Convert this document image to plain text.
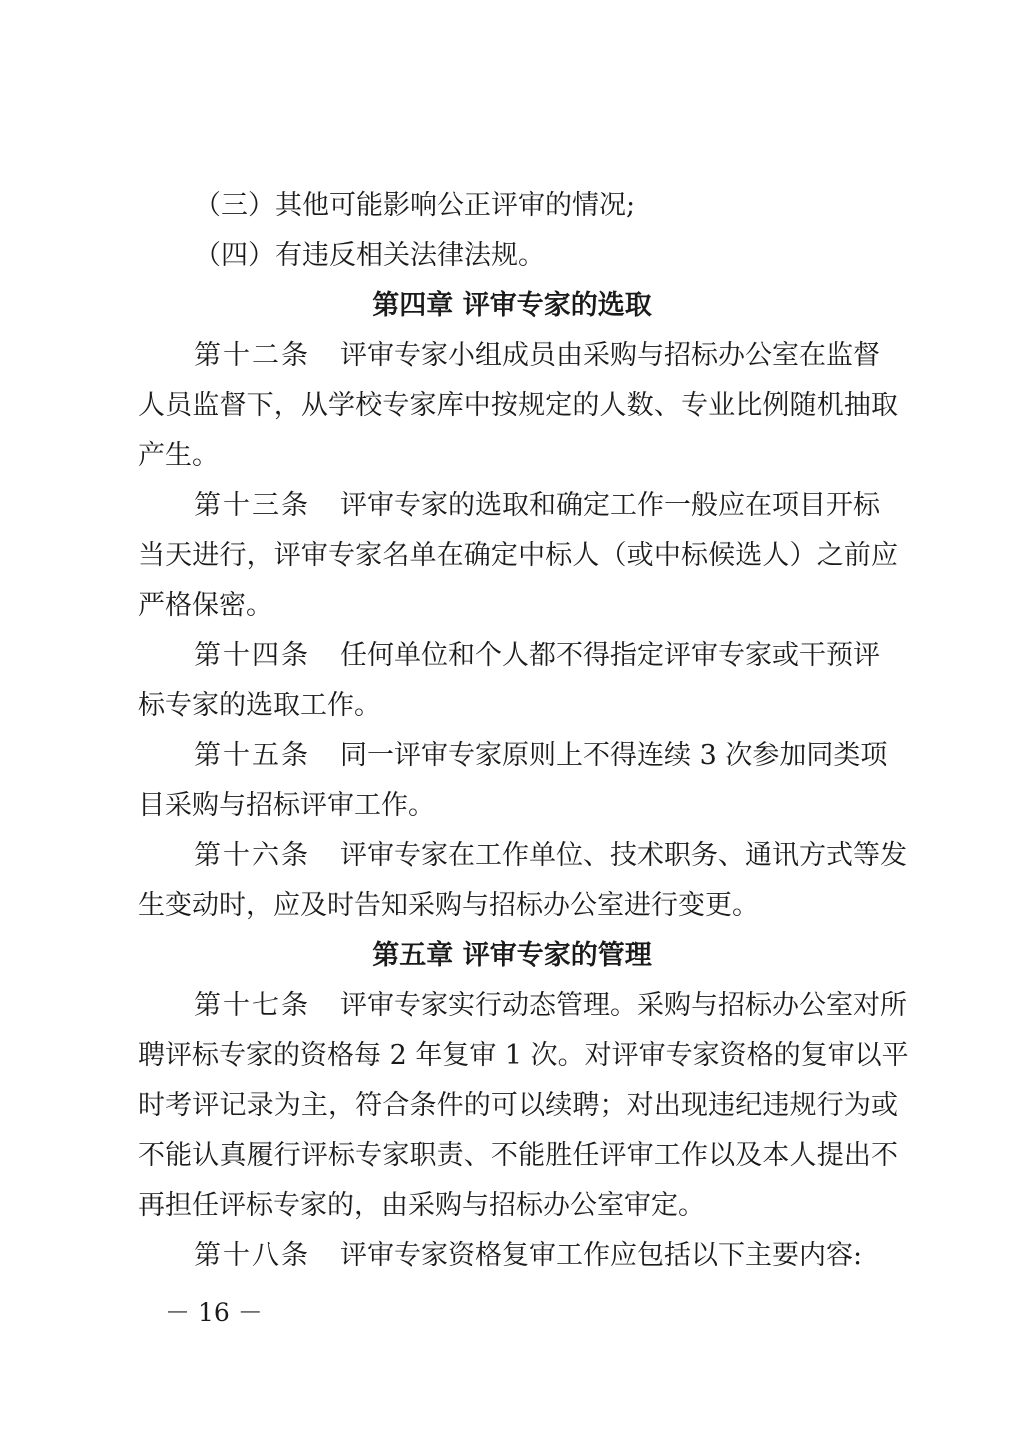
（三）其他可能影响公正评审的情况;
（四）有违反相关法律法规。
第四章 评审专家的选取
第十二条 评审专家小组成员由采购与招标办公室在监督
人员监督下，从学校专家库中按规定的人数、专业比例随机抽取
产生。
第十三条 评审专家的选取和确定工作一般应在项目开标
当天进行，评审专家名单在确定中标人（或中标候选人）之前应
严格保密。
第十四条 任何单位和个人都不得指定评审专家或干预评
标专家的选取工作。
第十五条 同一评审专家原则上不得连续 3 次参加同类项
目采购与招标评审工作。
第十六条 评审专家在工作单位、技术职务、通讯方式等发
生变动时，应及时告知采购与招标办公室进行变更。
第五章 评审专家的管理
第十七条 评审专家实行动态管理。采购与招标办公室对所
聘评标专家的资格每 2 年复审 1 次。对评审专家资格的复审以平
时考评记录为主，符合条件的可以续聘；对出现违纪违规行为或
不能认真履行评标专家职责、不能胜任评审工作以及本人提出不
再担任评标专家的，由采购与招标办公室审定。
第十八条 评审专家资格复审工作应包括以下主要内容:
－ 16 －
